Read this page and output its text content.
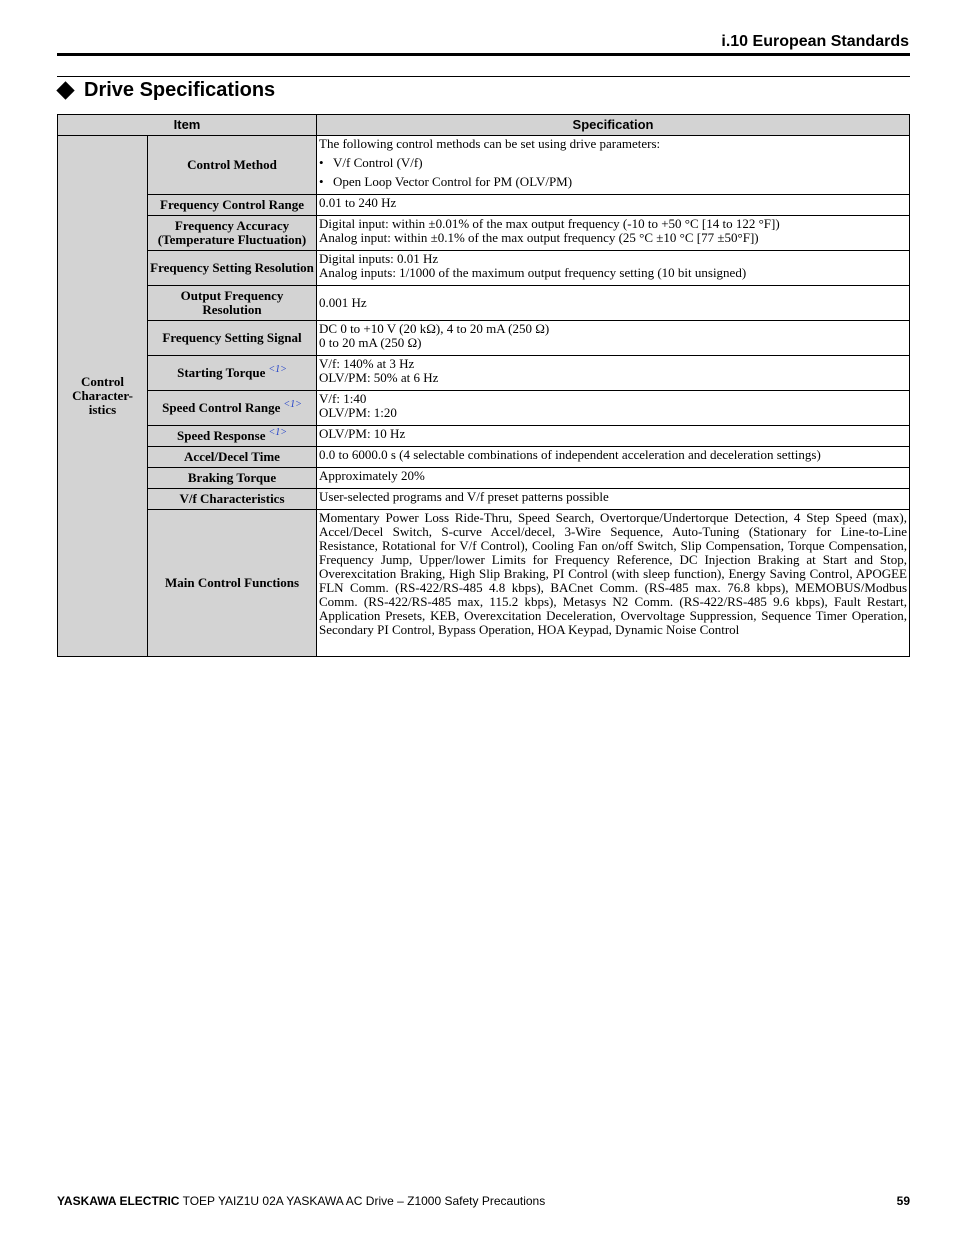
i.10 European Standards
Drive Specifications
Item		Specification
Control
Character-
istics	Control Method	The following control methods can be set using drive parameters:
• V/f Control (V/f)
• Open Loop Vector Control for PM (OLV/PM)

	Frequency Control Range	0.01 to 240 Hz

	Frequency Accuracy (Temperature Fluctuation)	Digital input: within ±0.01% of the max output frequency (-10 to +50 °C [14 to 122 °F])
Analog input: within ±0.1% of the max output frequency (25 °C ±10 °C [77 ±50°F])

	Frequency Setting Resolution	Digital inputs: 0.01 Hz
Analog inputs: 1/1000 of the maximum output frequency setting (10 bit unsigned)

	Output Frequency Resolution	0.001 Hz

	Frequency Setting Signal	DC 0 to +10 V (20 kΩ), 4 to 20 mA (250 Ω)
0 to 20 mA (250 Ω)

	Starting Torque $^{<1>}$	V/f: 140% at 3 Hz
OLV/PM: 50% at 6 Hz

	Speed Control Range $^{<1>}$	V/f: 1:40
OLV/PM: 1:20

	Speed Response $^{<1>}$	OLV/PM: 10 Hz

	Accel/Decel Time	0.0 to 6000.0 s (4 selectable combinations of independent acceleration and deceleration settings)

	Braking Torque	Approximately 20%

	V/f Characteristics	User-selected programs and V/f preset patterns possible

	Main Control Functions	Momentary Power Loss Ride-Thru, Speed Search, Overtorque/Undertorque Detection, 4 Step Speed (max), Accel/Decel Switch, S-curve Accel/decel, 3-Wire Sequence, Auto-Tuning (Stationary for Line-to-Line Resistance, Rotational for V/f Control), Cooling Fan on/off Switch, Slip Compensation, Torque Compensation, Frequency Jump, Upper/lower Limits for Frequency Reference, DC Injection Braking at Start and Stop, Overexcitation Braking, High Slip Braking, PI Control (with sleep function), Energy Saving Control, APOGEE FLN Comm. (RS-422/RS-485 4.8 kbps), BACnet Comm. (RS-485 max. 76.8 kbps), MEMOBUS/Modbus Comm. (RS-422/RS-485 max, 115.2 kbps), Metasys N2 Comm. (RS-422/RS-485 9.6 kbps), Fault Restart, Application Presets, KEB, Overexcitation Deceleration, Overvoltage Suppression, Sequence Timer Operation, Secondary PI Control, Bypass Operation, HOA Keypad, Dynamic Noise Control
YASKAWA ELECTRIC TOEP YAIZ1U 02A YASKAWA AC Drive – Z1000 Safety Precautions	59
